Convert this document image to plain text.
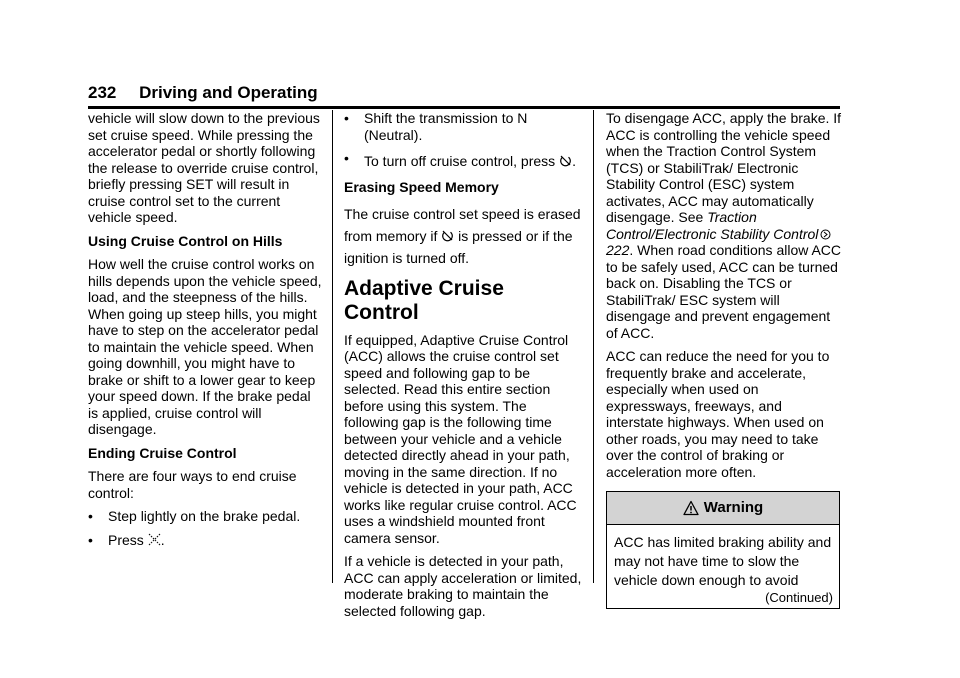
232 Driving and Operating

vehicle will slow down to the previous set cruise speed. While pressing the accelerator pedal or shortly following the release to override cruise control, briefly pressing SET will result in cruise control set to the current vehicle speed.

Using Cruise Control on Hills

How well the cruise control works on hills depends upon the vehicle speed, load, and the steepness of the hills. When going up steep hills, you might have to step on the accelerator pedal to maintain the vehicle speed. When going downhill, you might have to brake or shift to a lower gear to keep your speed down. If the brake pedal is applied, cruise control will disengage.

Ending Cruise Control

There are four ways to end cruise control:

•	Step lightly on the brake pedal.
•	Press .
•	Shift the transmission to N (Neutral).
•	To turn off cruise control, press .
Erasing Speed Memory

The cruise control set speed is erased from memory if is pressed or if the ignition is turned off.

Adaptive Cruise Control

If equipped, Adaptive Cruise Control (ACC) allows the cruise control set speed and following gap to be selected. Read this entire section before using this system. The following gap is the following time between your vehicle and a vehicle detected directly ahead in your path, moving in the same direction. If no vehicle is detected in your path, ACC works like regular cruise control. ACC uses a windshield mounted front camera sensor.

If a vehicle is detected in your path, ACC can apply acceleration or limited, moderate braking to maintain the selected following gap.

To disengage ACC, apply the brake. If ACC is controlling the vehicle speed when the Traction Control System (TCS) or StabiliTrak/ Electronic Stability Control (ESC) system activates, ACC may automatically disengage. See Traction Control/Electronic Stability Control
222. When road conditions allow ACC to be safely used, ACC can be turned back on. Disabling the TCS or StabiliTrak/ ESC system will disengage and prevent engagement of ACC.

ACC can reduce the need for you to frequently brake and accelerate, especially when used on expressways, freeways, and interstate highways. When used on other roads, you may need to take over the control of braking or acceleration more often.

Warning
ACC has limited braking ability and may not have time to slow the vehicle down enough to avoid
(Continued)
